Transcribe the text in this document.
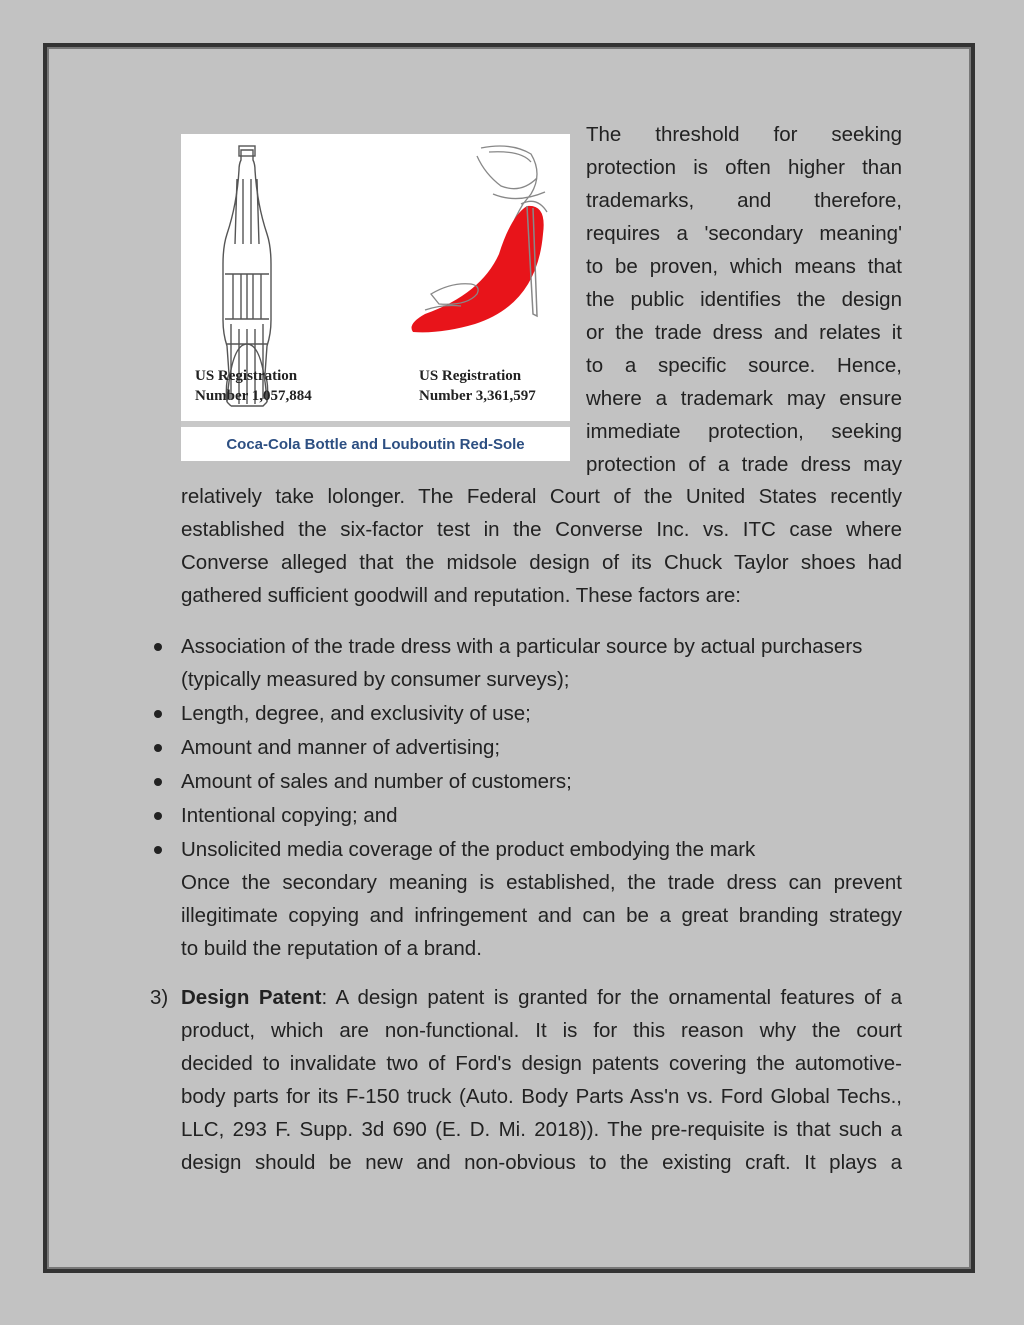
US Registration
Number 1,057,884
US Registration
Number 3,361,597
Coca-Cola Bottle and Louboutin Red-Sole
The threshold for seeking
protection is often higher than
trademarks, and therefore,
requires a 'secondary meaning'
to be proven, which means that
the public identifies the design
or the trade dress and relates it
to a specific source. Hence,
where a trademark may ensure
immediate protection, seeking
protection of a trade dress may
relatively take lolonger. The Federal Court of the United States recently
established the six-factor test in the Converse Inc. vs. ITC case where
Converse alleged that the midsole design of its Chuck Taylor shoes had
gathered sufficient goodwill and reputation. These factors are:
Association of the trade dress with a particular source by actual purchasers
(typically measured by consumer surveys);
Length, degree, and exclusivity of use;
Amount and manner of advertising;
Amount of sales and number of customers;
Intentional copying; and
Unsolicited media coverage of the product embodying the mark
Once the secondary meaning is established, the trade dress can prevent
illegitimate copying and infringement and can be a great branding strategy
to build the reputation of a brand.
3) Design Patent: A design patent is granted for the ornamental features of a
product, which are non-functional. It is for this reason why the court
decided to invalidate two of Ford's design patents covering the automotive-
body parts for its F-150 truck (Auto. Body Parts Ass'n vs. Ford Global Techs.,
LLC, 293 F. Supp. 3d 690 (E. D. Mi. 2018)). The pre-requisite is that such a
design should be new and non-obvious to the existing craft. It plays a
